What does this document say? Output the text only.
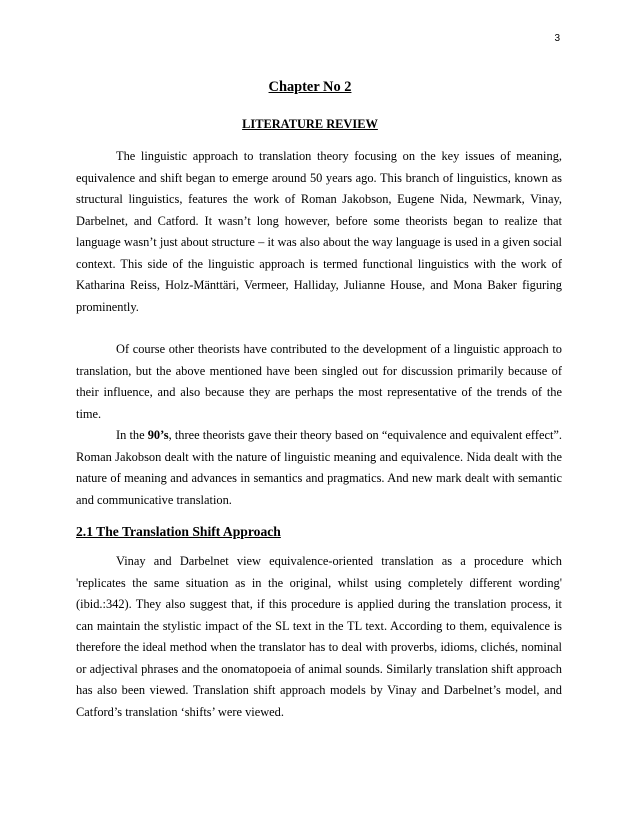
3
Chapter No 2
LITERATURE REVIEW

The linguistic approach to translation theory focusing on the key issues of meaning, equivalence and shift began to emerge around 50 years ago. This branch of linguistics, known as structural linguistics, features the work of Roman Jakobson, Eugene Nida, Newmark, Vinay, Darbelnet, and Catford. It wasn’t long however, before some theorists began to realize that language wasn’t just about structure – it was also about the way language is used in a given social context. This side of the linguistic approach is termed functional linguistics with the work of Katharina Reiss, Holz-Mänttäri, Vermeer, Halliday, Julianne House, and Mona Baker figuring prominently.

Of course other theorists have contributed to the development of a linguistic approach to translation, but the above mentioned have been singled out for discussion primarily because of their influence, and also because they are perhaps the most representative of the trends of the time.

In the 90’s, three theorists gave their theory based on “equivalence and equivalent effect”. Roman Jakobson dealt with the nature of linguistic meaning and equivalence. Nida dealt with the nature of meaning and advances in semantics and pragmatics. And new mark dealt with semantic and communicative translation.

2.1 The Translation Shift Approach

Vinay and Darbelnet view equivalence-oriented translation as a procedure which 'replicates the same situation as in the original, whilst using completely different wording' (ibid.:342). They also suggest that, if this procedure is applied during the translation process, it can maintain the stylistic impact of the SL text in the TL text. According to them, equivalence is therefore the ideal method when the translator has to deal with proverbs, idioms, clichés, nominal or adjectival phrases and the onomatopoeia of animal sounds. Similarly translation shift approach has also been viewed. Translation shift approach models by Vinay and Darbelnet’s model, and Catford’s translation ‘shifts’ were viewed.
